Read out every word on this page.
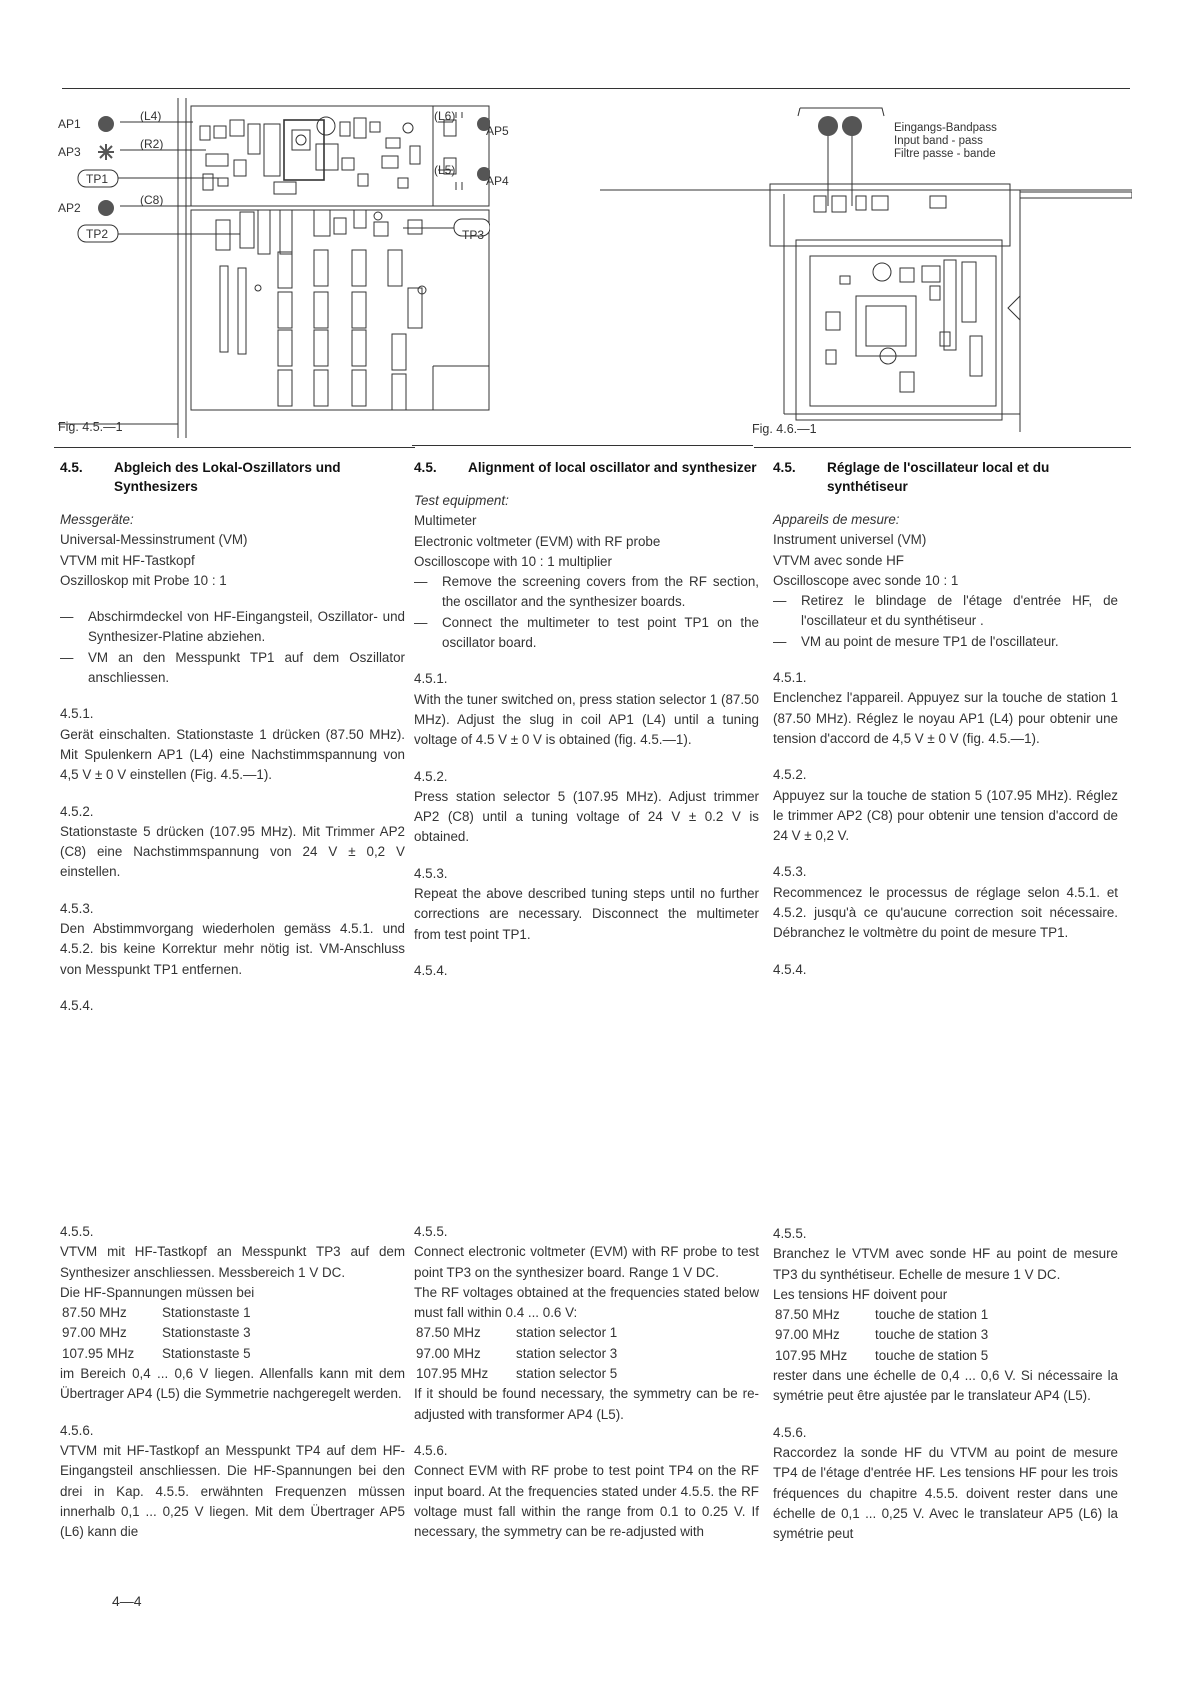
AP1
AP3
TP1
AP2
TP2
(L4)
(R2)
(C8)
(L6)
(L5)
AP5
AP4
TP3
Fig. 4.5.—1
Eingangs-Bandpass
Input band - pass
Filtre passe - bande
Fig. 4.6.—1
4.5.	Abgleich des Lokal-Oszillators und Synthesizers
Messgeräte:
Universal-Messinstrument (VM)
VTVM mit HF-Tastkopf
Oszilloskop mit Probe 10 : 1
—	Abschirmdeckel von HF-Eingangsteil, Oszillator- und Synthesizer-Platine abziehen.
—	VM an den Messpunkt TP1 auf dem Oszillator anschliessen.
4.5.1.
Gerät einschalten. Stationstaste 1 drücken (87.50 MHz). Mit Spulenkern AP1 (L4) eine Nachstimmspannung von 4,5 V ± 0 V einstellen (Fig. 4.5.—1).
4.5.2.
Stationstaste 5 drücken (107.95 MHz). Mit Trimmer AP2 (C8) eine Nachstimmspannung von 24 V ± 0,2 V einstellen.
4.5.3.
Den Abstimmvorgang wiederholen gemäss 4.5.1. und 4.5.2. bis keine Korrektur mehr nötig ist. VM-Anschluss von Messpunkt TP1 entfernen.
4.5.4.
4.5.	Alignment of local oscillator and synthesizer
Test equipment:
Multimeter
Electronic voltmeter (EVM) with RF probe
Oscilloscope with 10 : 1 multiplier
—	Remove the screening covers from the RF section, the oscillator and the synthesizer boards.
—	Connect the multimeter to test point TP1 on the oscillator board.
4.5.1.
With the tuner switched on, press station selector 1 (87.50 MHz). Adjust the slug in coil AP1 (L4) until a tuning voltage of 4.5 V ± 0 V is obtained (fig. 4.5.—1).
4.5.2.
Press station selector 5 (107.95 MHz). Adjust trimmer AP2 (C8) until a tuning voltage of 24 V ± 0.2 V is obtained.
4.5.3.
Repeat the above described tuning steps until no further corrections are necessary. Disconnect the multimeter from test point TP1.
4.5.4.
4.5.	Réglage de l'oscillateur local et du synthétiseur
Appareils de mesure:
Instrument universel (VM)
VTVM avec sonde HF
Oscilloscope avec sonde 10 : 1
—	Retirez le blindage de l'étage d'entrée HF, de l'oscillateur et du synthétiseur .
—	VM au point de mesure TP1 de l'oscillateur.
4.5.1.
Enclenchez l'appareil. Appuyez sur la touche de station 1 (87.50 MHz). Réglez le noyau AP1 (L4) pour obtenir une tension d'accord de 4,5 V ± 0 V (fig. 4.5.—1).
4.5.2.
Appuyez sur la touche de station 5 (107.95 MHz). Réglez le trimmer AP2 (C8) pour obtenir une tension d'accord de 24 V ± 0,2 V.
4.5.3.
Recommencez le processus de réglage selon 4.5.1. et 4.5.2. jusqu'à ce qu'aucune correction soit nécessaire. Débranchez le voltmètre du point de mesure TP1.
4.5.4.
4.5.5.
VTVM mit HF-Tastkopf an Messpunkt TP3 auf dem Synthesizer anschliessen. Messbereich 1 V DC.
Die HF-Spannungen müssen bei
87.50 MHz	Stationstaste 1
97.00 MHz	Stationstaste 3
107.95 MHz	Stationstaste 5
im Bereich 0,4 ... 0,6 V liegen. Allenfalls kann mit dem Übertrager AP4 (L5) die Symmetrie nachgeregelt werden.
4.5.6.
VTVM mit HF-Tastkopf an Messpunkt TP4 auf dem HF-Eingangsteil anschliessen. Die HF-Spannungen bei den drei in Kap. 4.5.5. erwähnten Frequenzen müssen innerhalb 0,1 ... 0,25 V liegen. Mit dem Übertrager AP5 (L6) kann die
4.5.5.
Connect electronic voltmeter (EVM) with RF probe to test point TP3 on the synthesizer board. Range 1 V DC.
The RF voltages obtained at the frequencies stated below must fall within 0.4 ... 0.6 V:
87.50 MHz	station selector 1
97.00 MHz	station selector 3
107.95 MHz	station selector 5
If it should be found necessary, the symmetry can be re-adjusted with transformer AP4 (L5).
4.5.6.
Connect EVM with RF probe to test point TP4 on the RF input board. At the frequencies stated under 4.5.5. the RF voltage must fall within the range from 0.1 to 0.25 V. If necessary, the symmetry can be re-adjusted with
4.5.5.
Branchez le VTVM avec sonde HF au point de mesure TP3 du synthétiseur. Echelle de mesure 1 V DC.
Les tensions HF doivent pour
87.50 MHz	touche de station 1
97.00 MHz	touche de station 3
107.95 MHz	touche de station 5
rester dans une échelle de 0,4 ... 0,6 V. Si nécessaire la symétrie peut être ajustée par le translateur AP4 (L5).
4.5.6.
Raccordez la sonde HF du VTVM au point de mesure TP4 de l'étage d'entrée HF. Les tensions HF pour les trois fréquences du chapitre 4.5.5. doivent rester dans une échelle de 0,1 ... 0,25 V. Avec le translateur AP5 (L6) la symétrie peut
4—4
